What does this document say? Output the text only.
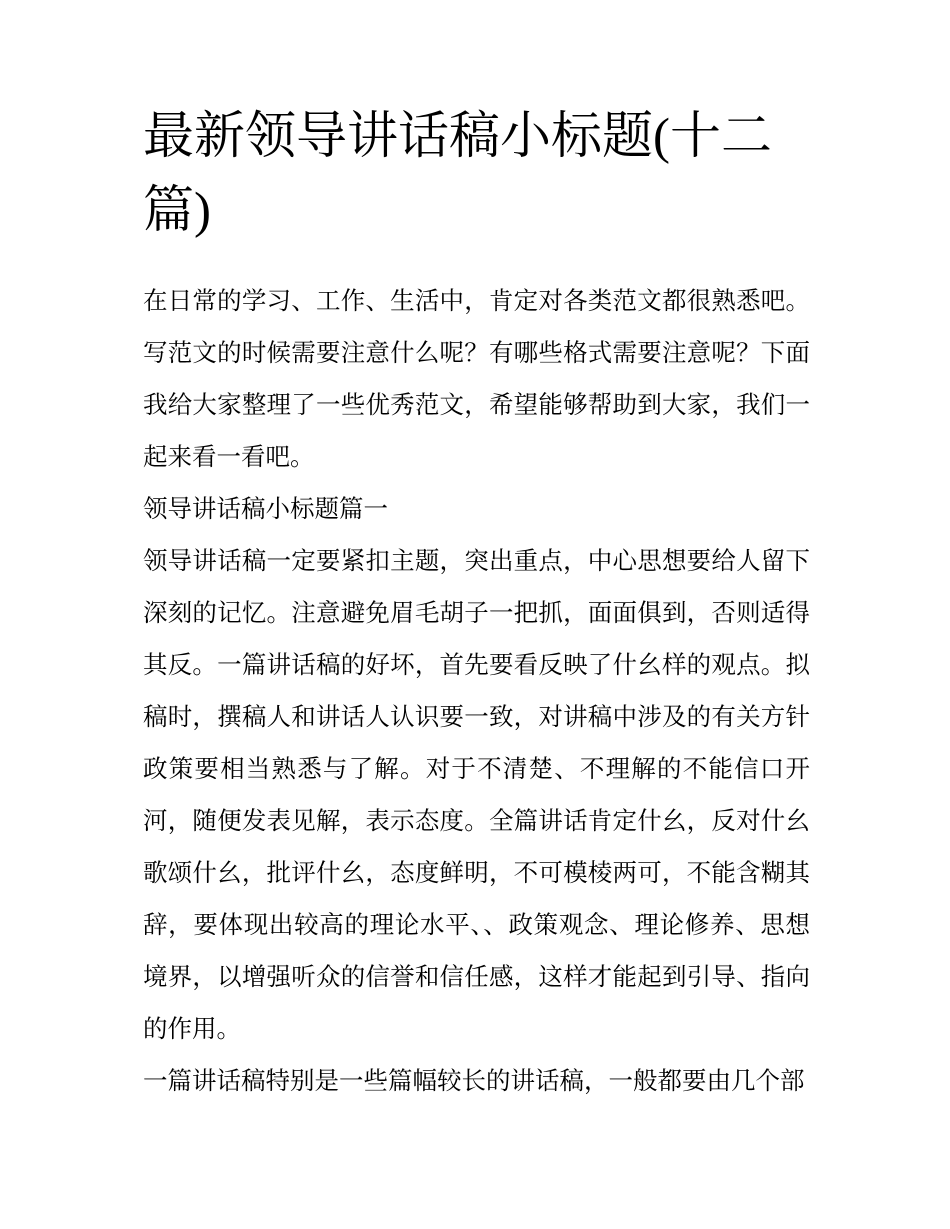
最新领导讲话稿小标题(十二篇)

在日常的学习、工作、生活中，肯定对各类范文都很熟悉吧。写范文的时候需要注意什么呢？有哪些格式需要注意呢？下面我给大家整理了一些优秀范文，希望能够帮助到大家，我们一起来看一看吧。

领导讲话稿小标题篇一

领导讲话稿一定要紧扣主题，突出重点，中心思想要给人留下深刻的记忆。注意避免眉毛胡子一把抓，面面俱到，否则适得其反。一篇讲话稿的好坏，首先要看反映了什幺样的观点。拟稿时，撰稿人和讲话人认识要一致，对讲稿中涉及的有关方针政策要相当熟悉与了解。对于不清楚、不理解的不能信口开河，随便发表见解，表示态度。全篇讲话肯定什幺，反对什幺歌颂什幺，批评什幺，态度鲜明，不可模棱两可，不能含糊其辞，要体现出较高的理论水平、、政策观念、理论修养、思想境界，以增强听众的信誉和信任感，这样才能起到引导、指向的作用。

一篇讲话稿特别是一些篇幅较长的讲话稿，一般都要由几个部
